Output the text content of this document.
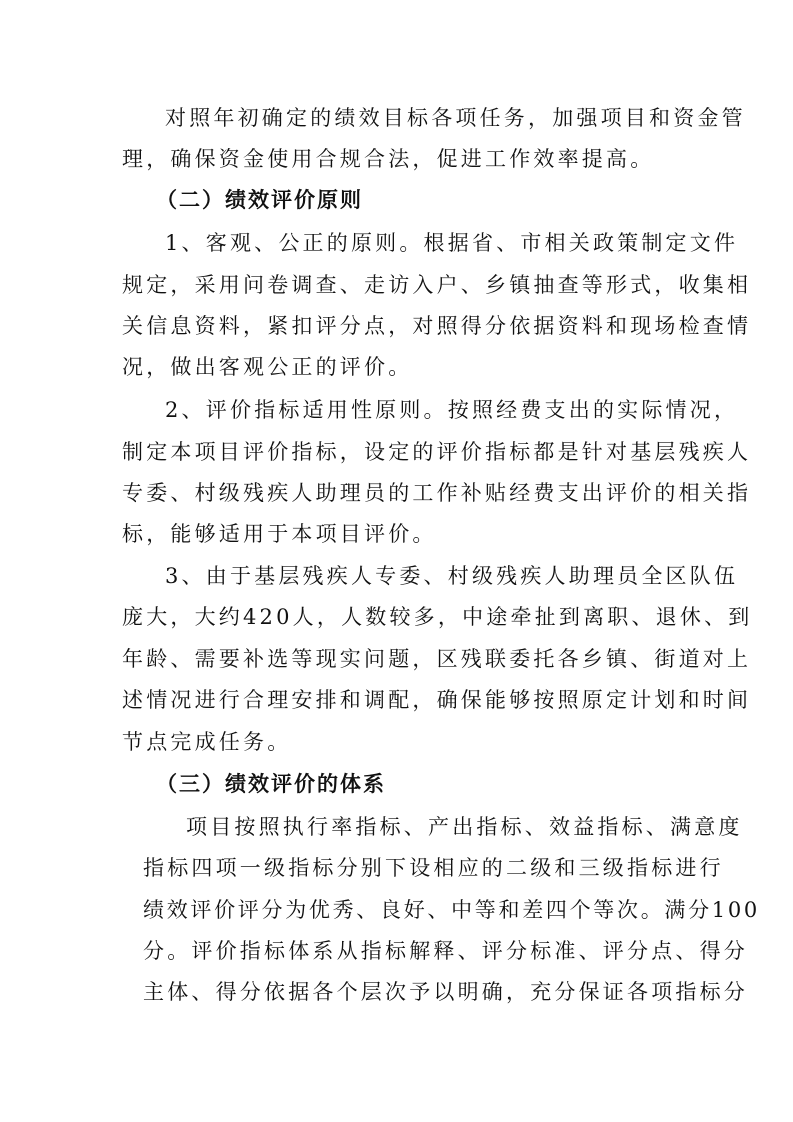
对照年初确定的绩效目标各项任务，加强项目和资金管
理，确保资金使用合规合法，促进工作效率提高。
（二）绩效评价原则
1、客观、公正的原则。根据省、市相关政策制定文件
规定，采用问卷调查、走访入户、乡镇抽查等形式，收集相
关信息资料，紧扣评分点，对照得分依据资料和现场检查情
况，做出客观公正的评价。
2、评价指标适用性原则。按照经费支出的实际情况，
制定本项目评价指标，设定的评价指标都是针对基层残疾人
专委、村级残疾人助理员的工作补贴经费支出评价的相关指
标，能够适用于本项目评价。
3、由于基层残疾人专委、村级残疾人助理员全区队伍
庞大，大约420人，人数较多，中途牵扯到离职、退休、到
年龄、需要补选等现实问题，区残联委托各乡镇、街道对上
述情况进行合理安排和调配，确保能够按照原定计划和时间
节点完成任务。
（三）绩效评价的体系
项目按照执行率指标、产出指标、效益指标、满意度
指标四项一级指标分别下设相应的二级和三级指标进行
绩效评价评分为优秀、良好、中等和差四个等次。满分100
分。评价指标体系从指标解释、评分标准、评分点、得分
主体、得分依据各个层次予以明确，充分保证各项指标分
